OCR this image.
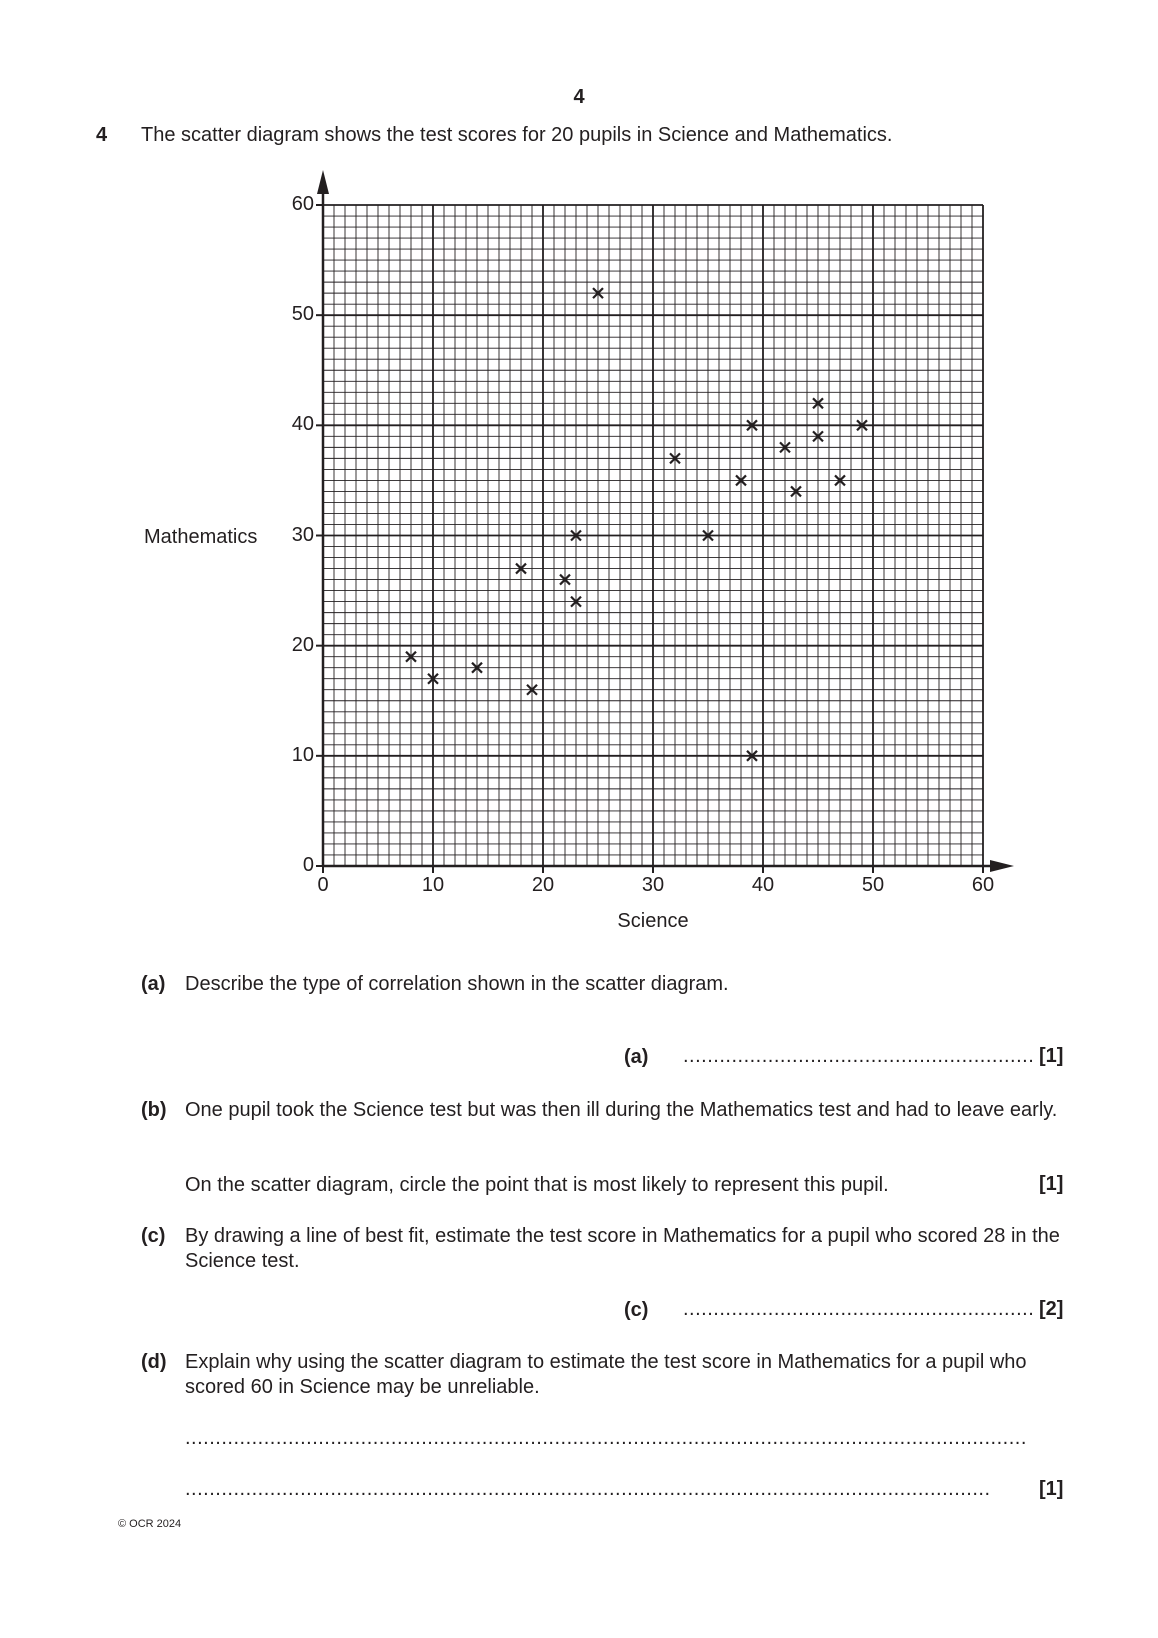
4
4 The scatter diagram shows the test scores for 20 pupils in Science and Mathematics.
Mathematics
Science
0
10
20
30
40
50
60
0	10	20	30	40	50	60
(a) Describe the type of correlation shown in the scatter diagram.
(a) .......................................................... [1]
(b) One pupil took the Science test but was then ill during the Mathematics test and had to leave early.
On the scatter diagram, circle the point that is most likely to represent this pupil.	[1]
(c) By drawing a line of best fit, estimate the test score in Mathematics for a pupil who scored 28 in the Science test.
(c) .......................................................... [2]
(d) Explain why using the scatter diagram to estimate the test score in Mathematics for a pupil who scored 60 in Science may be unreliable.
...........................................................................................................................................
.....................................................................................................................................	[1]
© OCR 2024
